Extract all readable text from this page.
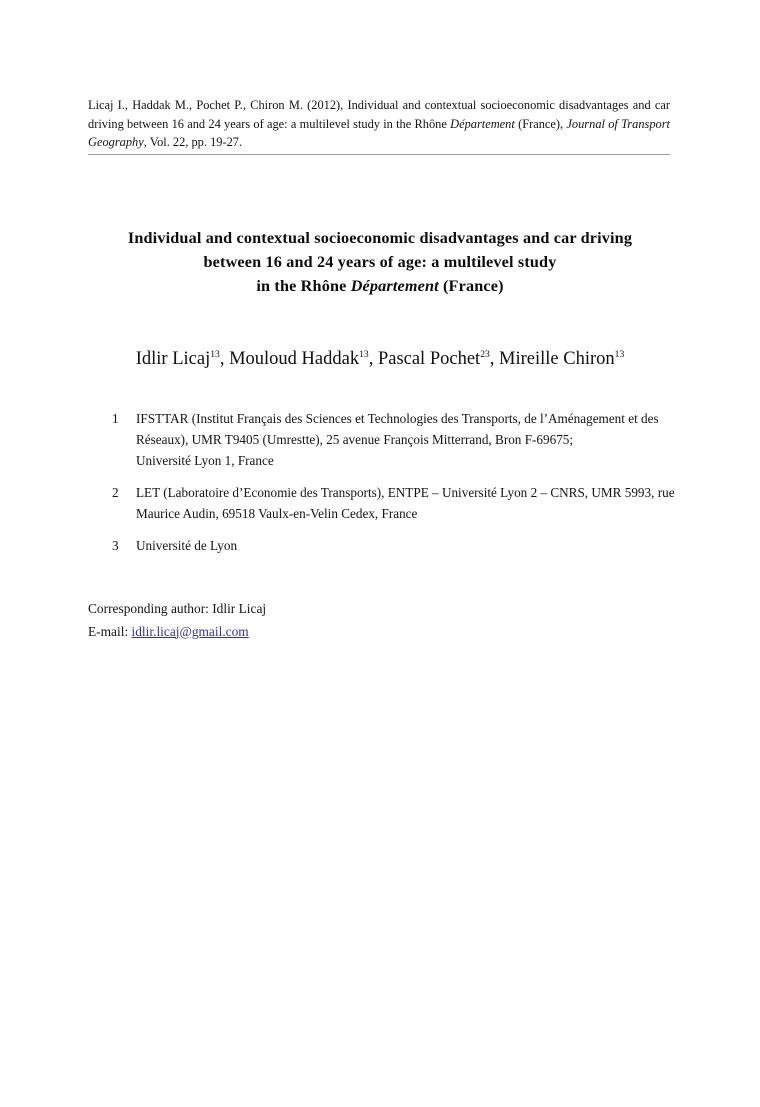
Licaj I., Haddak M., Pochet P., Chiron M. (2012), Individual and contextual socioeconomic disadvantages and car driving between 16 and 24 years of age: a multilevel study in the Rhône Département (France), Journal of Transport Geography, Vol. 22, pp. 19-27.
Individual and contextual socioeconomic disadvantages and car driving
between 16 and 24 years of age: a multilevel study
in the Rhône Département (France)
Idlir Licaj$^{13}$, Mouloud Haddak$^{13}$, Pascal Pochet$^{23}$, Mireille Chiron$^{13}$
1	IFSTTAR (Institut Français des Sciences et Technologies des Transports, de l’Aménagement et des Réseaux), UMR T9405 (Umrestte), 25 avenue François Mitterrand, Bron F-69675;
Université Lyon 1, France
2	LET (Laboratoire d’Economie des Transports), ENTPE – Université Lyon 2 – CNRS, UMR 5993, rue Maurice Audin, 69518 Vaulx-en-Velin Cedex, France
3	Université de Lyon
Corresponding author: Idlir Licaj
E-mail: idlir.licaj@gmail.com
